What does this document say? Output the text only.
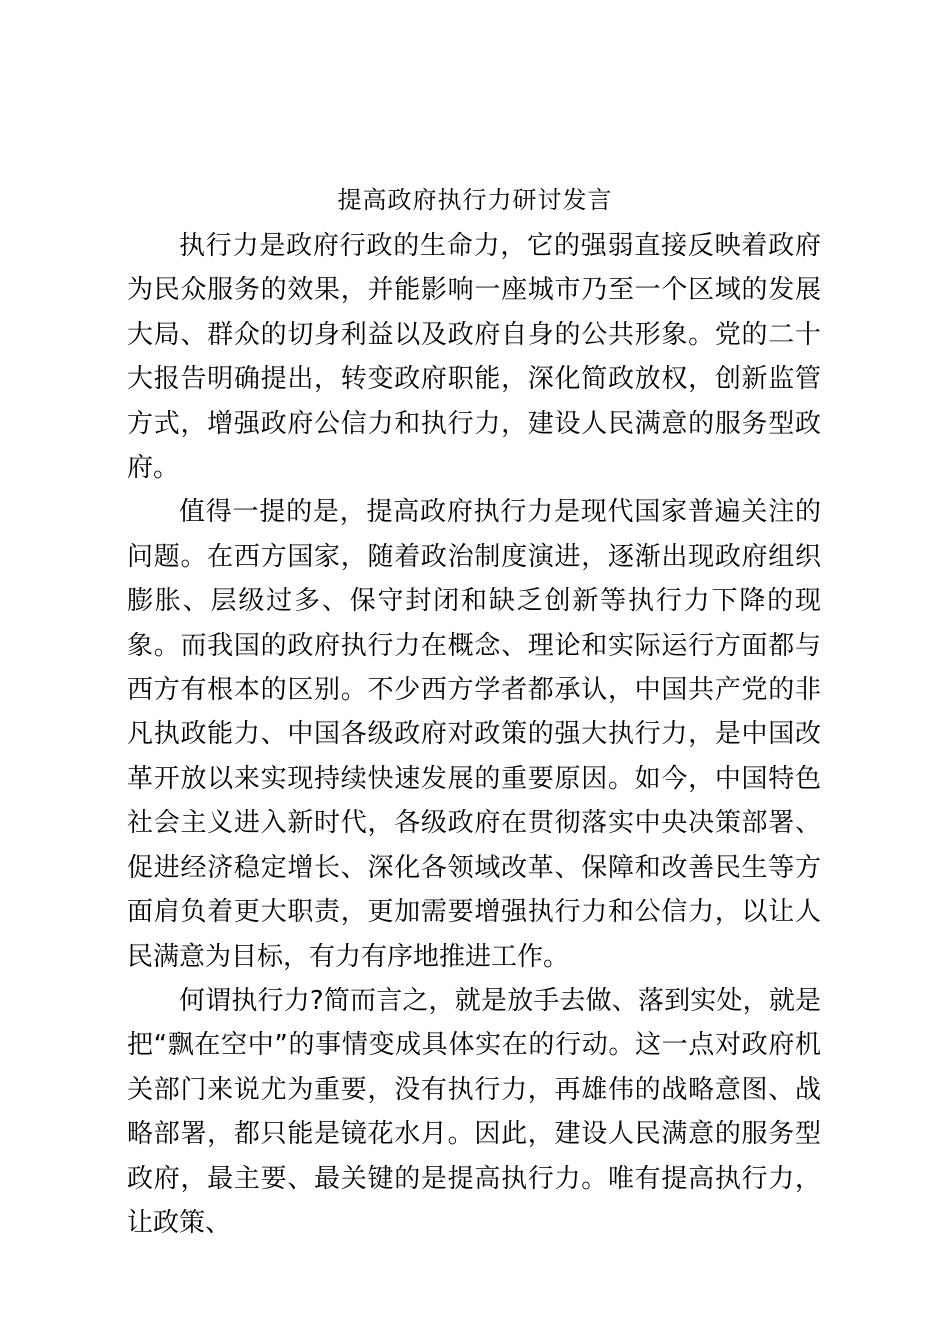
提高政府执行力研讨发言

执行力是政府行政的生命力，它的强弱直接反映着政府为民众服务的效果，并能影响一座城市乃至一个区域的发展大局、群众的切身利益以及政府自身的公共形象。党的二十大报告明确提出，转变政府职能，深化简政放权，创新监管方式，增强政府公信力和执行力，建设人民满意的服务型政府。

值得一提的是，提高政府执行力是现代国家普遍关注的问题。在西方国家，随着政治制度演进，逐渐出现政府组织膨胀、层级过多、保守封闭和缺乏创新等执行力下降的现象。而我国的政府执行力在概念、理论和实际运行方面都与西方有根本的区别。不少西方学者都承认，中国共产党的非凡执政能力、中国各级政府对政策的强大执行力，是中国改革开放以来实现持续快速发展的重要原因。如今，中国特色社会主义进入新时代，各级政府在贯彻落实中央决策部署、促进经济稳定增长、深化各领域改革、保障和改善民生等方面肩负着更大职责，更加需要增强执行力和公信力，以让人民满意为目标，有力有序地推进工作。

何谓执行力?简而言之，就是放手去做、落到实处，就是把“飘在空中”的事情变成具体实在的行动。这一点对政府机关部门来说尤为重要，没有执行力，再雄伟的战略意图、战略部署，都只能是镜花水月。因此，建设人民满意的服务型政府，最主要、最关键的是提高执行力。唯有提高执行力，让政策、
